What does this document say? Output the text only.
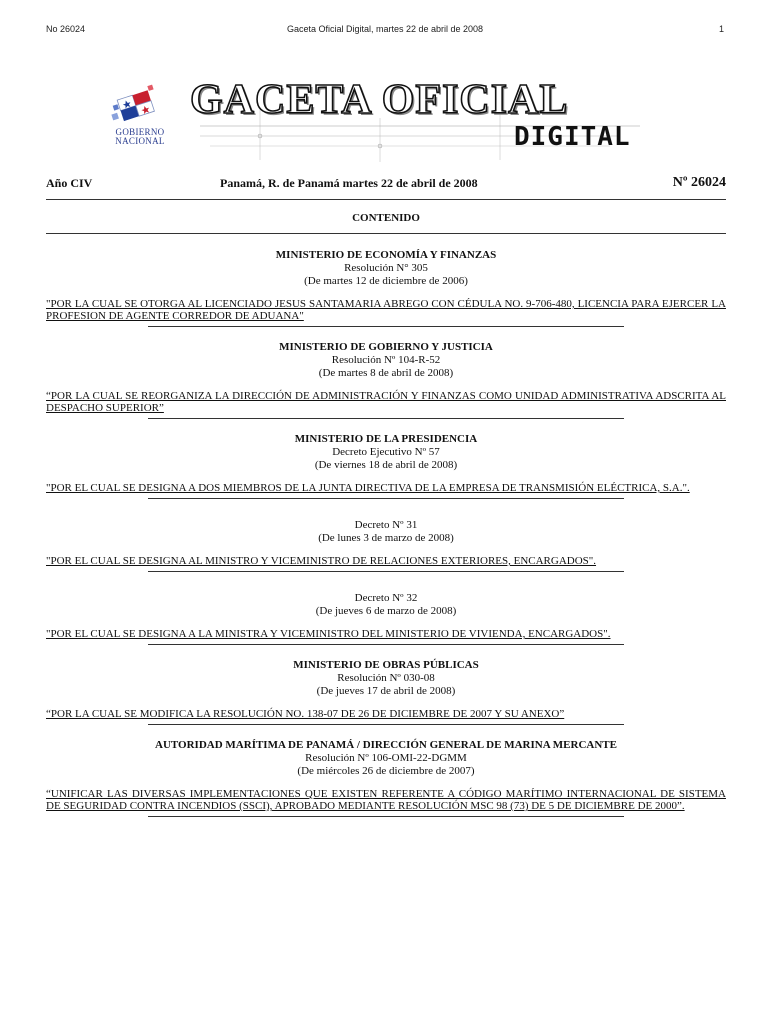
No 26024	Gaceta Oficial Digital, martes 22 de abril de 2008	1
GOBIERNO
NACIONAL
GACETA OFICIAL
DIGITAL
Año CIV	Panamá, R. de Panamá martes 22 de abril de 2008	Nº 26024
CONTENIDO
MINISTERIO DE ECONOMÍA Y FINANZAS
Resolución N° 305
(De martes 12 de diciembre de 2006)
"POR LA CUAL SE OTORGA AL LICENCIADO JESUS SANTAMARIA ABREGO CON CÉDULA NO. 9-706-480, LICENCIA PARA EJERCER LA PROFESION DE AGENTE CORREDOR DE ADUANA"
MINISTERIO DE GOBIERNO Y JUSTICIA
Resolución Nº 104-R-52
(De martes 8 de abril de 2008)
“POR LA CUAL SE REORGANIZA LA DIRECCIÓN DE ADMINISTRACIÓN Y FINANZAS COMO UNIDAD ADMINISTRATIVA ADSCRITA AL DESPACHO SUPERIOR”
MINISTERIO DE LA PRESIDENCIA
Decreto Ejecutivo Nº 57
(De viernes 18 de abril de 2008)
"POR EL CUAL SE DESIGNA A DOS MIEMBROS DE LA JUNTA DIRECTIVA DE LA EMPRESA DE TRANSMISIÓN ELÉCTRICA, S.A.".
Decreto Nº 31
(De lunes 3 de marzo de 2008)
"POR EL CUAL SE DESIGNA AL MINISTRO Y VICEMINISTRO DE RELACIONES EXTERIORES, ENCARGADOS".
Decreto Nº 32
(De jueves 6 de marzo de 2008)
"POR EL CUAL SE DESIGNA A LA MINISTRA Y VICEMINISTRO DEL MINISTERIO DE VIVIENDA, ENCARGADOS".
MINISTERIO DE OBRAS PÚBLICAS
Resolución Nº 030-08
(De jueves 17 de abril de 2008)
“POR LA CUAL SE MODIFICA LA RESOLUCIÓN NO. 138-07 DE 26 DE DICIEMBRE DE 2007 Y SU ANEXO”
AUTORIDAD MARÍTIMA DE PANAMÁ / DIRECCIÓN GENERAL DE MARINA MERCANTE
Resolución Nº 106-OMI-22-DGMM
(De miércoles 26 de diciembre de 2007)
“UNIFICAR LAS DIVERSAS IMPLEMENTACIONES QUE EXISTEN REFERENTE A CÓDIGO MARÍTIMO INTERNACIONAL DE SISTEMA DE SEGURIDAD CONTRA INCENDIOS (SSCI), APROBADO MEDIANTE RESOLUCIÓN MSC 98 (73) DE 5 DE DICIEMBRE DE 2000”.
